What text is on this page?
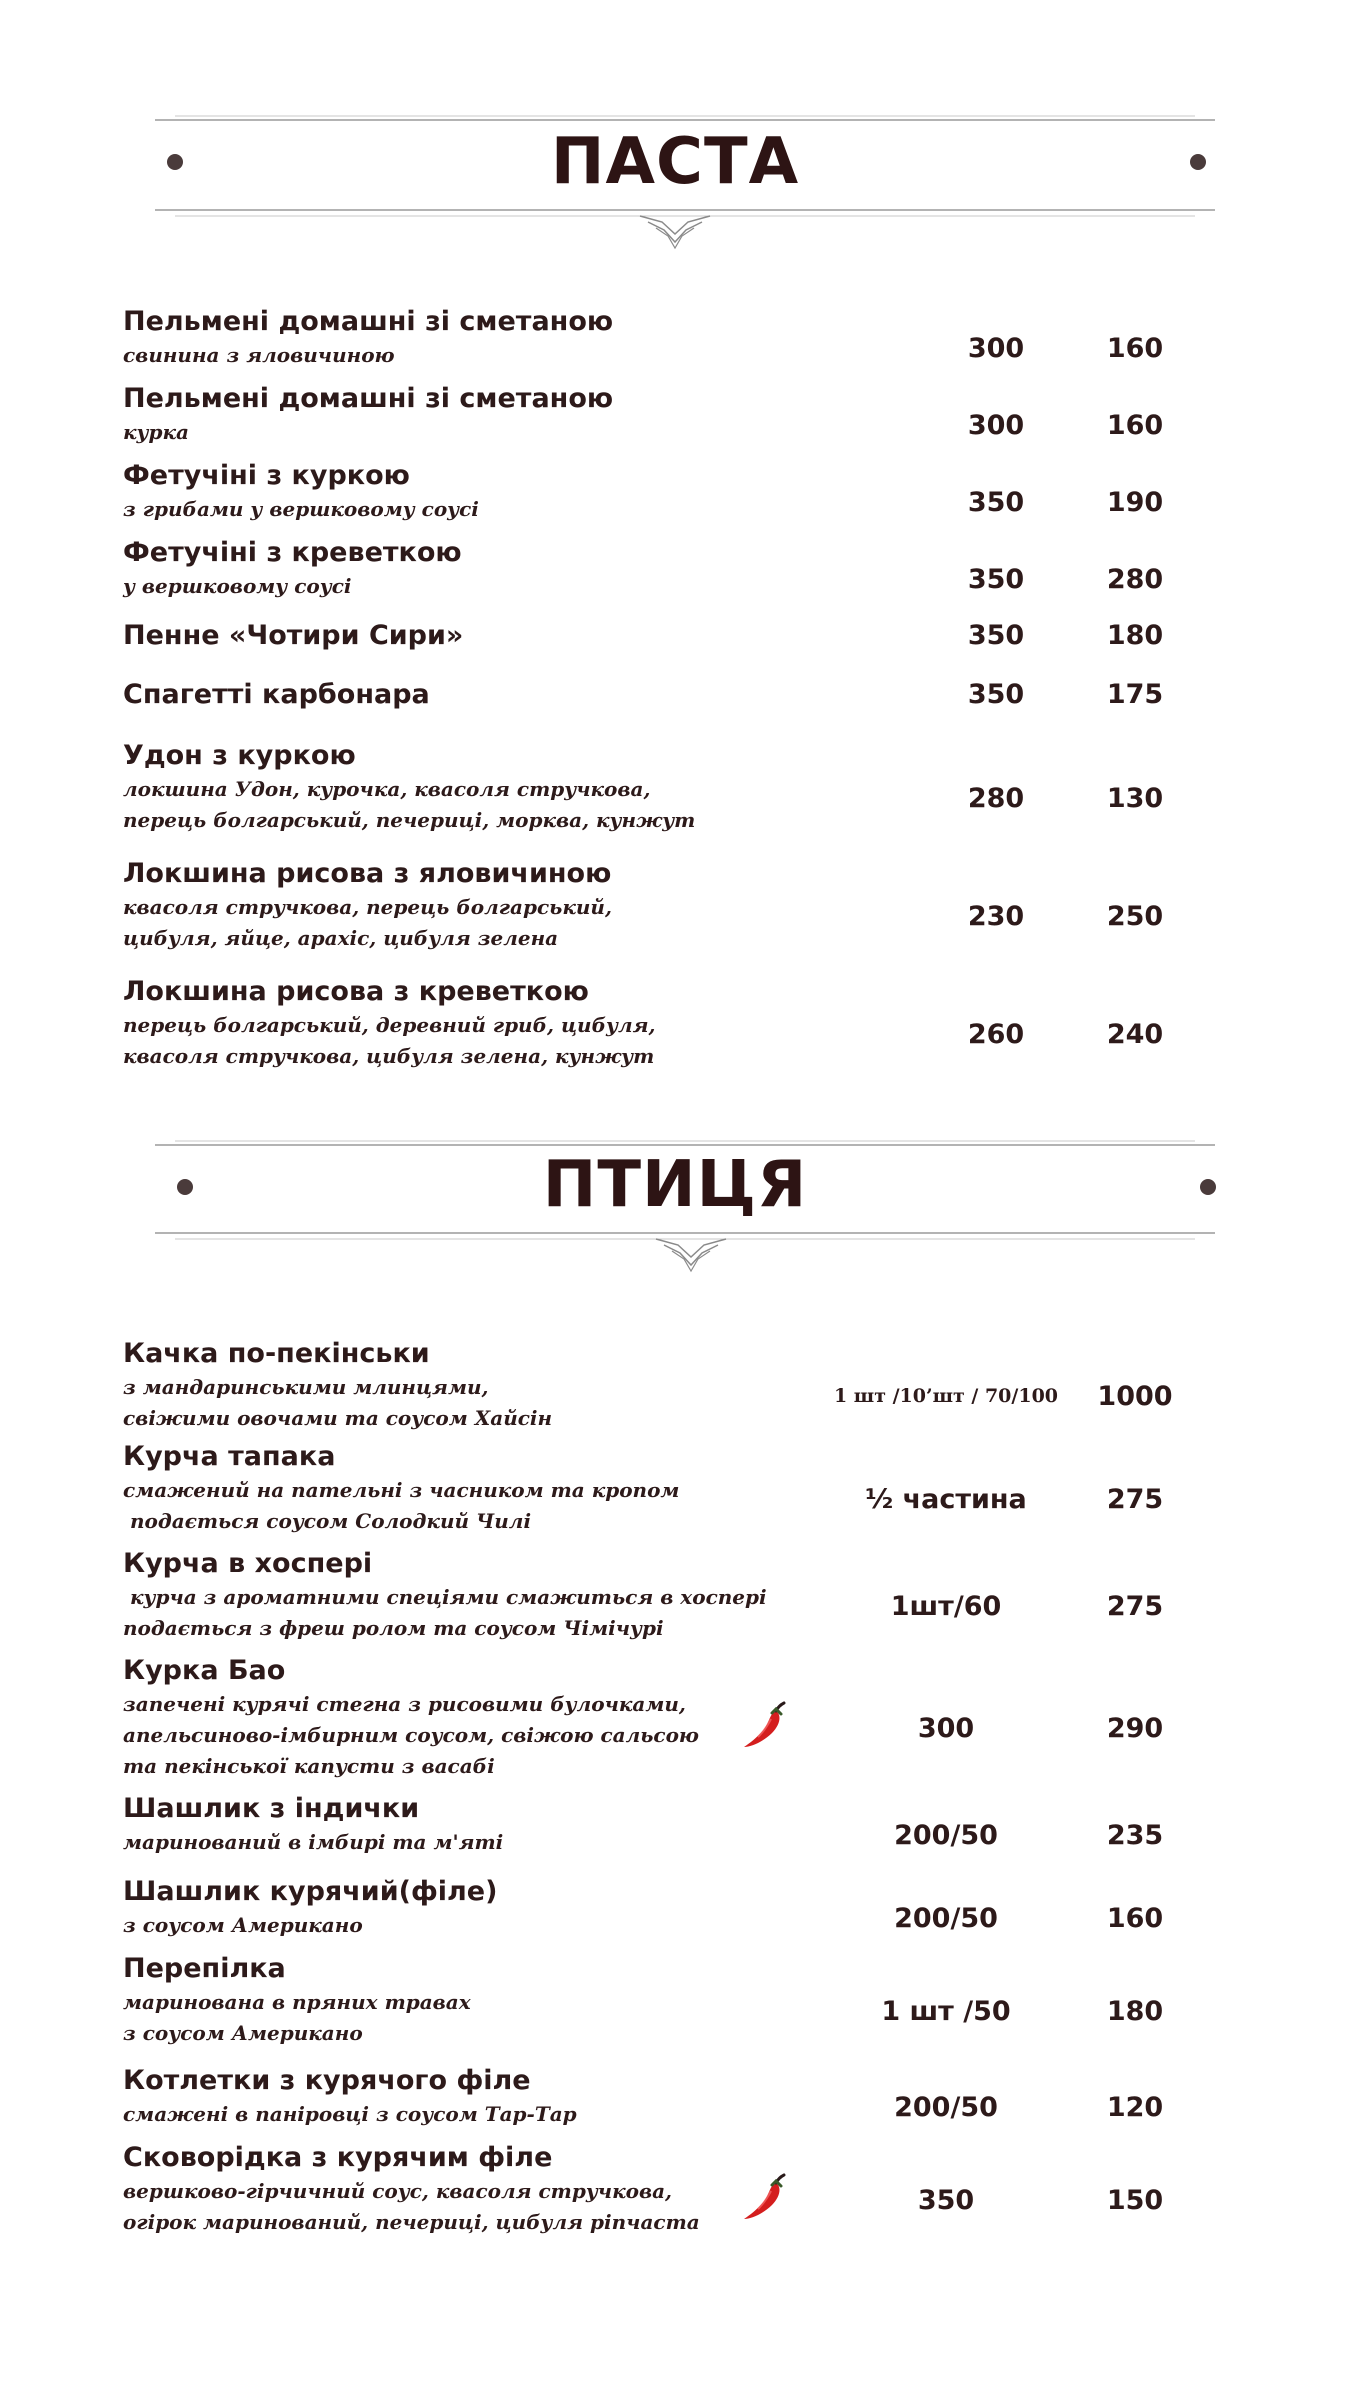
ПАСТА
Пельмені домашні зі сметаною
свинина з яловичиною	300	160
Пельмені домашні зі сметаною
курка	300	160
Фетучіні з куркою
з грибами у вершковому соусі	350	190
Фетучіні з креветкою
у вершковому соусі	350	280
Пенне «Чотири Сири»	350	180
Спагетті карбонара	350	175
Удон з куркою
локшина Удон, курочка, квасоля стручкова,
перець болгарський, печериці, морква, кунжут
280	130
Локшина рисова з яловичиною
квасоля стручкова, перець болгарський,
цибуля, яйце, арахіс, цибуля зелена
230	250
Локшина рисова з креветкою
перець болгарський, деревний гриб, цибуля,
квасоля стручкова, цибуля зелена, кунжут
260	240
ПТИЦЯ
Качка по-пекінськи
з мандаринськими млинцями,
свіжими овочами та соусом Хайсін
1 шт /10’шт / 70/100	1000
Курча тапака
смажений на пательні з часником та кропом
подається соусом Солодкий Чилі
½ частина	275
Курча в хоспері
курча з ароматними спеціями смажиться в хоспері
подається з фреш ролом та соусом Чімічурі
1шт/60	275
Курка Бао
запечені курячі стегна з рисовими булочками,
апельсиново-імбирним соусом, свіжою сальсою
та пекінської капусти з васабі
300	290
Шашлик з індички
маринований в імбирі та м'яті	200/50	235
Шашлик курячий(філе)
з соусом Американо	200/50	160
Перепілка
маринована в пряних травах
з соусом Американо
1 шт /50	180
Котлетки з курячого філе
смажені в паніровці з соусом Тар-Тар	200/50	120
Сковорідка з курячим філе
вершково-гірчичний соус, квасоля стручкова,
огірок маринований, печериці, цибуля ріпчаста
350	150
